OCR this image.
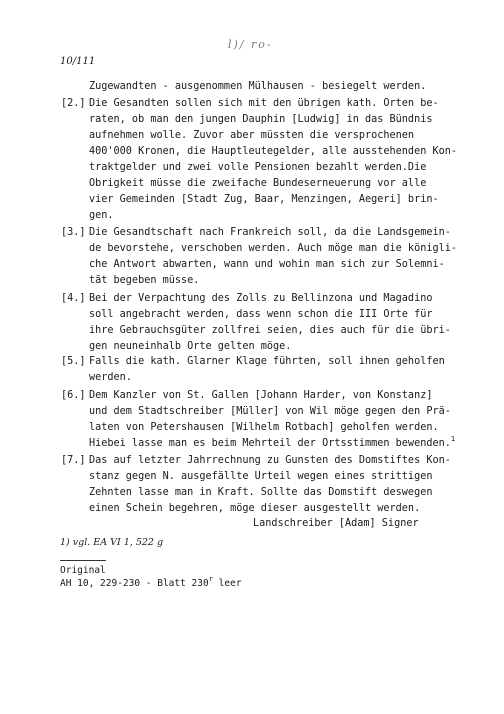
l)/ ro-
10/111
Zugewandten - ausgenommen Mülhausen - besiegelt werden.
[2.] Die Gesandten sollen sich mit den übrigen kath. Orten be-
raten, ob man den jungen Dauphin [Ludwig] in das Bündnis
aufnehmen wolle. Zuvor aber müssten die versprochenen
400'000 Kronen, die Hauptleutegelder, alle ausstehenden Kon-
traktgelder und zwei volle Pensionen bezahlt werden.Die
Obrigkeit müsse die zweifache Bundeserneuerung vor alle
vier Gemeinden [Stadt Zug, Baar, Menzingen, Aegeri] brin-
gen.
[3.] Die Gesandtschaft nach Frankreich soll, da die Landsgemein-
de bevorstehe, verschoben werden. Auch möge man die königli-
che Antwort abwarten, wann und wohin man sich zur Solemni-
tät begeben müsse.
[4.] Bei der Verpachtung des Zolls zu Bellinzona und Magadino
soll angebracht werden, dass wenn schon die III Orte für
ihre Gebrauchsgüter zollfrei seien, dies auch für die übri-
gen neuneinhalb Orte gelten möge.
[5.] Falls die kath. Glarner Klage führten, soll ihnen geholfen
werden.
[6.] Dem Kanzler von St. Gallen [Johann Harder, von Konstanz]
und dem Stadtschreiber [Müller] von Wil möge gegen den Prä-
laten von Petershausen [Wilhelm Rotbach] geholfen werden.
Hiebei lasse man es beim Mehrteil der Ortsstimmen bewenden.$^1$
[7.] Das auf letzter Jahrrechnung zu Gunsten des Domstiftes Kon-
stanz gegen N. ausgefällte Urteil wegen eines strittigen
Zehnten lasse man in Kraft. Sollte das Domstift deswegen
einen Schein begehren, möge dieser ausgestellt werden.
Landschreiber [Adam] Signer
1) vgl. EA VI 1, 522 g
Original
AH 10, 229-230 - Blatt 230$^r$ leer
